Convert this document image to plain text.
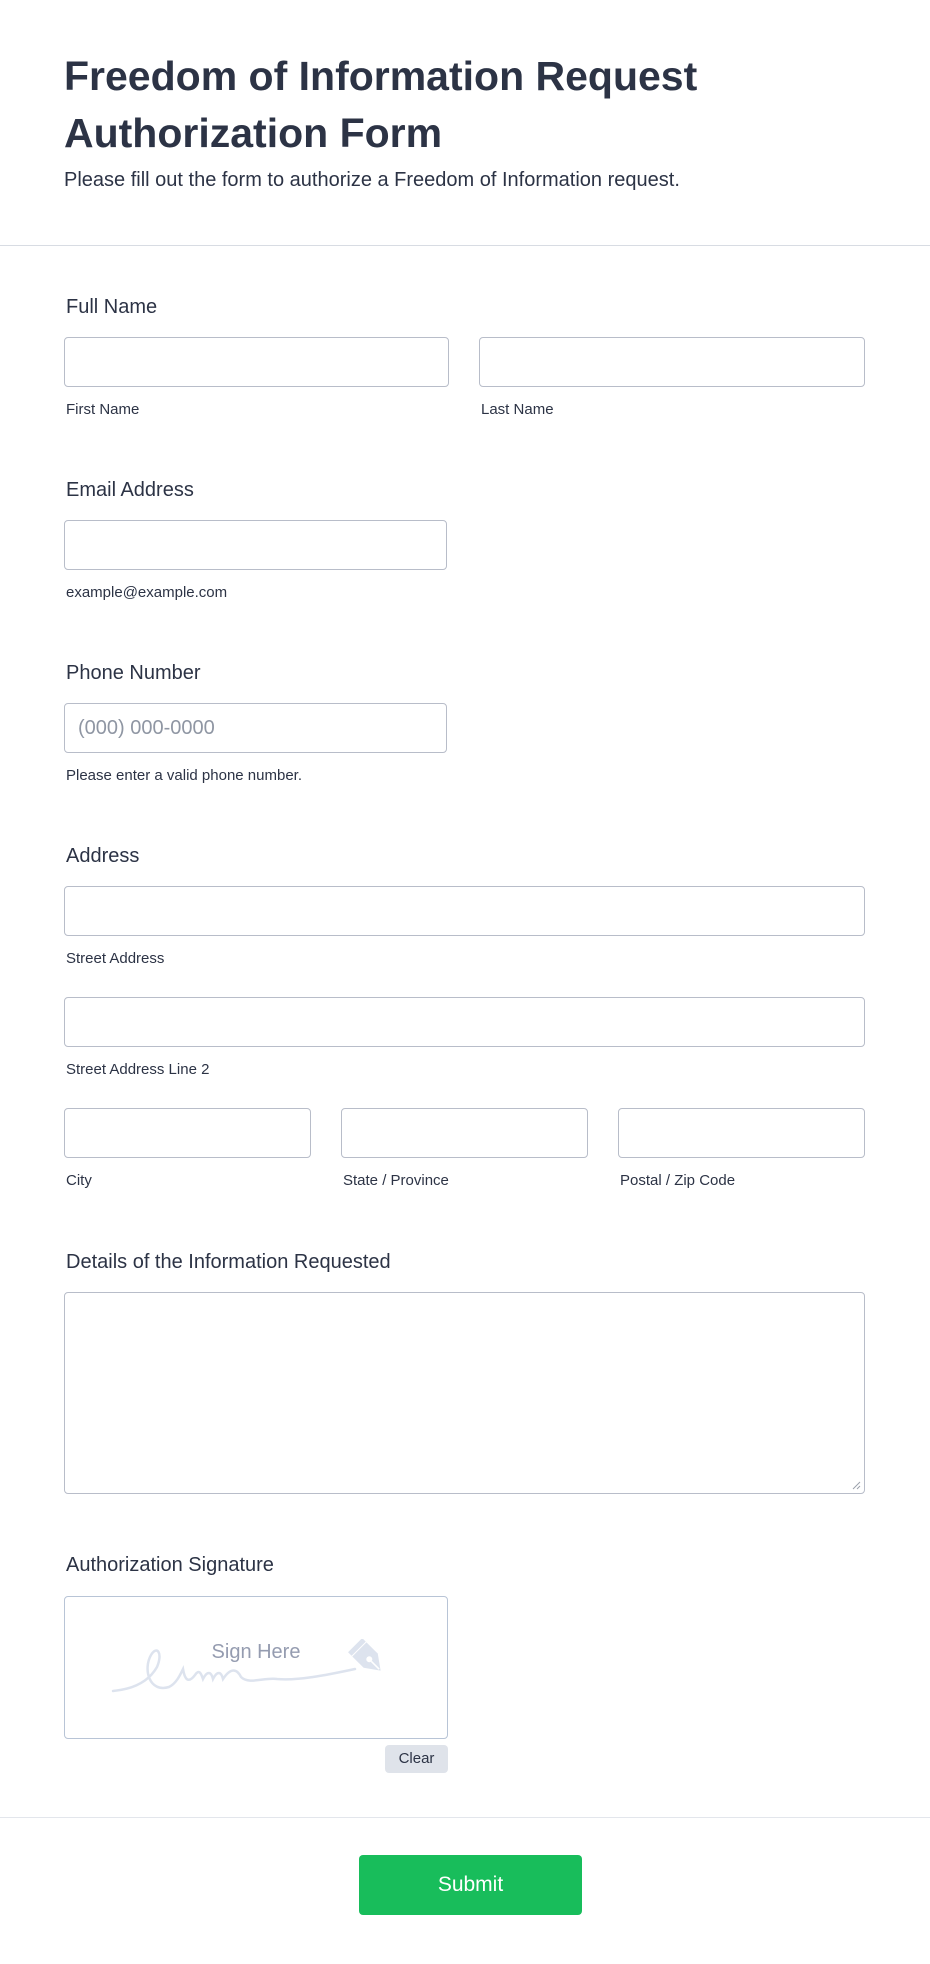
Freedom of Information Request Authorization Form
Please fill out the form to authorize a Freedom of Information request.
Full Name
First Name	Last Name
Email Address
example@example.com
Phone Number
(000) 000-0000
Please enter a valid phone number.
Address
Street Address
Street Address Line 2
City	State / Province	Postal / Zip Code
Details of the Information Requested
Authorization Signature
Sign Here
Clear
Submit
